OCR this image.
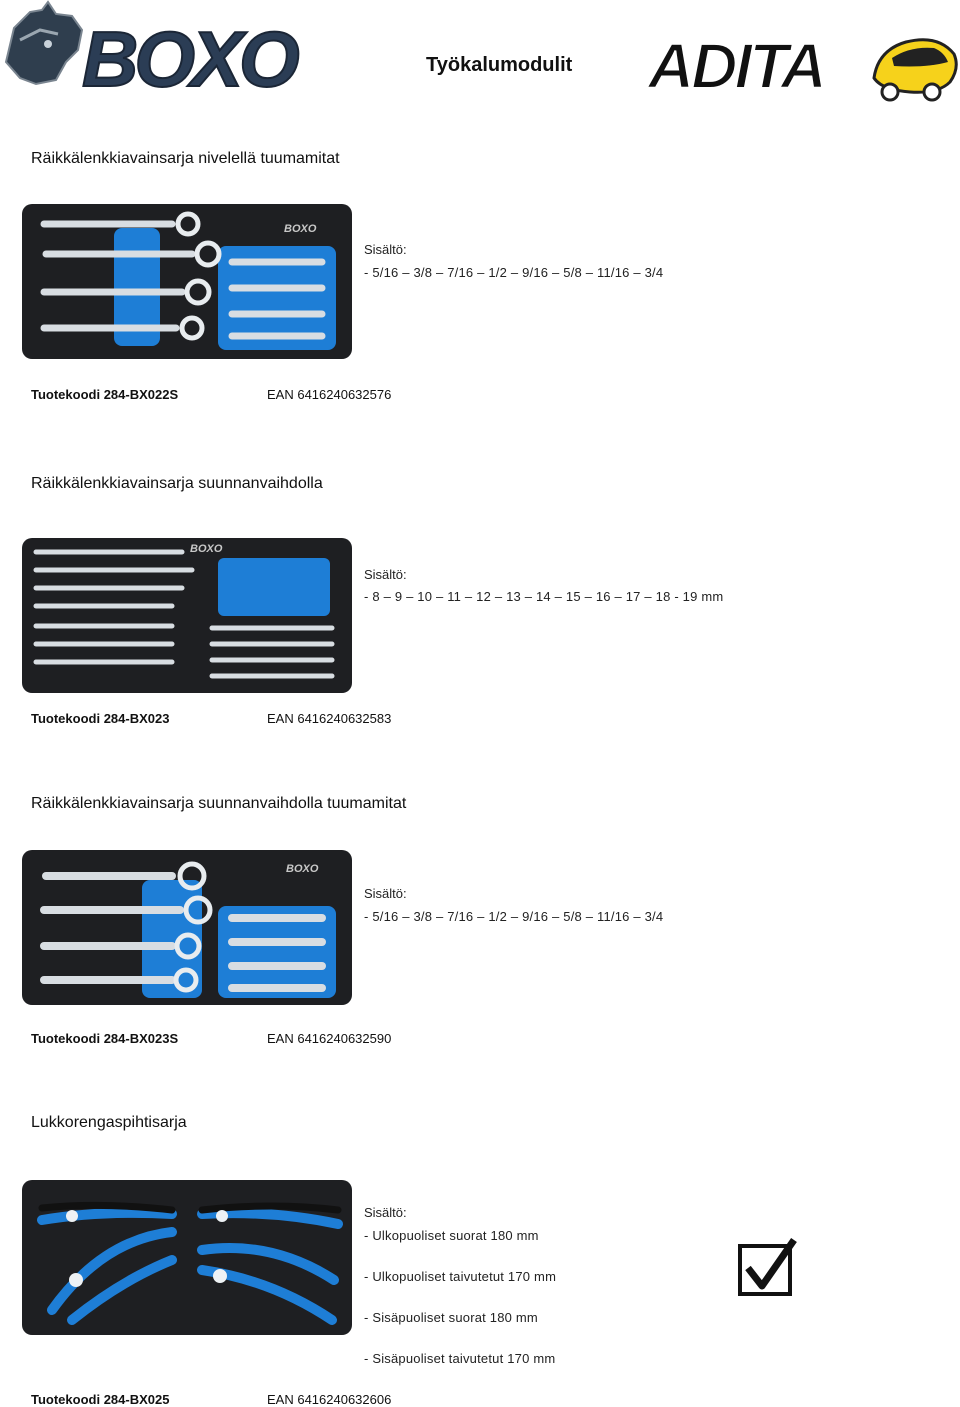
BOXO	Työkalumodulit ADITA
Räikkälenkkiavainsarja nivelellä tuumamitat
BOXO
Sisältö:
- 5/16 – 3/8 – 7/16 – 1/2 – 9/16 – 5/8 – 11/16 – 3/4
Tuotekoodi 284-BX022S	EAN 6416240632576
Räikkälenkkiavainsarja suunnanvaihdolla
BOXO
Sisältö:
- 8 – 9 – 10 – 11 – 12 – 13 – 14 – 15 – 16 – 17 – 18 - 19 mm
Tuotekoodi 284-BX023	EAN 6416240632583
Räikkälenkkiavainsarja suunnanvaihdolla tuumamitat
BOXO
Sisältö:
- 5/16 – 3/8 – 7/16 – 1/2 – 9/16 – 5/8 – 11/16 – 3/4
Tuotekoodi 284-BX023S	EAN 6416240632590
Lukkorengaspihtisarja
Sisältö:
- Ulkopuoliset suorat 180 mm
- Ulkopuoliset taivutetut 170 mm
- Sisäpuoliset suorat 180 mm
- Sisäpuoliset taivutetut 170 mm
Tuotekoodi 284-BX025	EAN 6416240632606
